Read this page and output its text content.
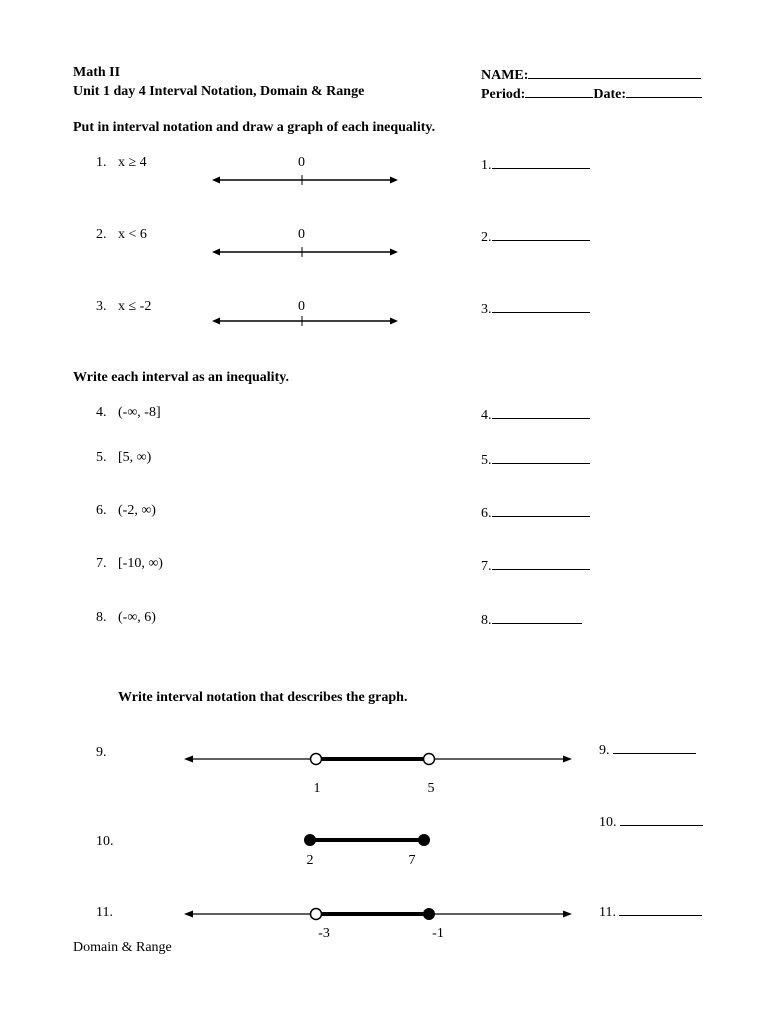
Math II
Unit 1 day 4 Interval Notation, Domain & Range
NAME:
Period:	Date:
Put in interval notation and draw a graph of each inequality.
1. x ≥ 4	0	1.
2. x < 6	0	2.
3. x ≤ -2	0	3.
Write each interval as an inequality.
4. (-∞, -8]	4.
5. [5, ∞)	5.
6. (-2, ∞)	6.
7. [-10, ∞)	7.
8. (-∞, 6)	8.
Write interval notation that describes the graph.
9.
1	5
9.
10.
2	7
10.
11.
-3	-1
11.
Domain & Range
